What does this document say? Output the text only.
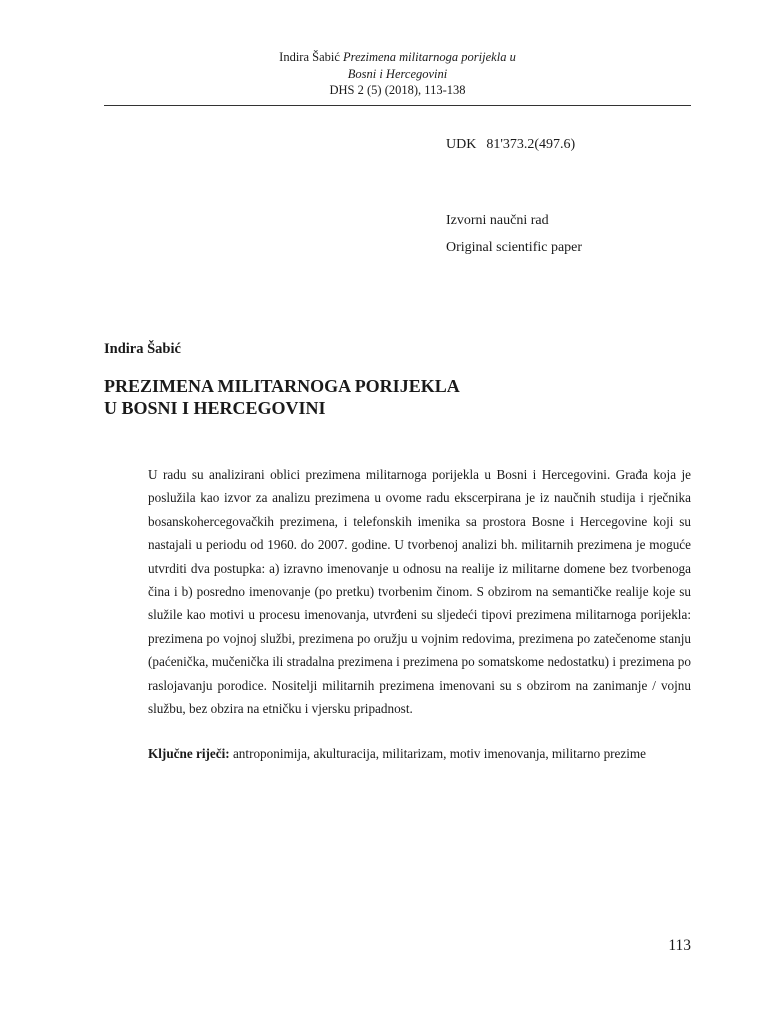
Indira Šabić Prezimena militarnoga porijekla u
Bosni i Hercegovini
DHS 2 (5) (2018), 113-138
UDK 81'373.2(497.6)
Izvorni naučni rad
Original scientific paper
Indira Šabić
PREZIMENA MILITARNOGA PORIJEKLA
U BOSNI I HERCEGOVINI

U radu su analizirani oblici prezimena militarnoga porijekla u Bosni i Hercegovini. Građa koja je poslužila kao izvor za analizu prezimena u ovome radu ekscerpirana je iz naučnih studija i rječnika bosanskohercegovačkih prezimena, i telefonskih imenika sa prostora Bosne i Hercegovine koji su nastajali u periodu od 1960. do 2007. godine. U tvorbenoj analizi bh. militarnih prezimena je moguće utvrditi dva postupka: a) izravno imenovanje u odnosu na realije iz militarne domene bez tvorbenoga čina i b) posredno imenovanje (po pretku) tvorbenim činom. S obzirom na semantičke realije koje su služile kao motivi u procesu imenovanja, utvrđeni su sljedeći tipovi prezimena militarnoga porijekla: prezimena po vojnoj službi, prezimena po oružju u vojnim redovima, prezimena po zatečenome stanju (paćenička, mučenička ili stradalna prezimena i prezimena po somatskome nedostatku) i prezimena po raslojavanju porodice. Nositelji militarnih prezimena imenovani su s obzirom na zanimanje / vojnu službu, bez obzira na etničku i vjersku pripadnost.

Ključne riječi: antroponimija, akulturacija, militarizam, motiv imenovanja, militarno prezime
113
